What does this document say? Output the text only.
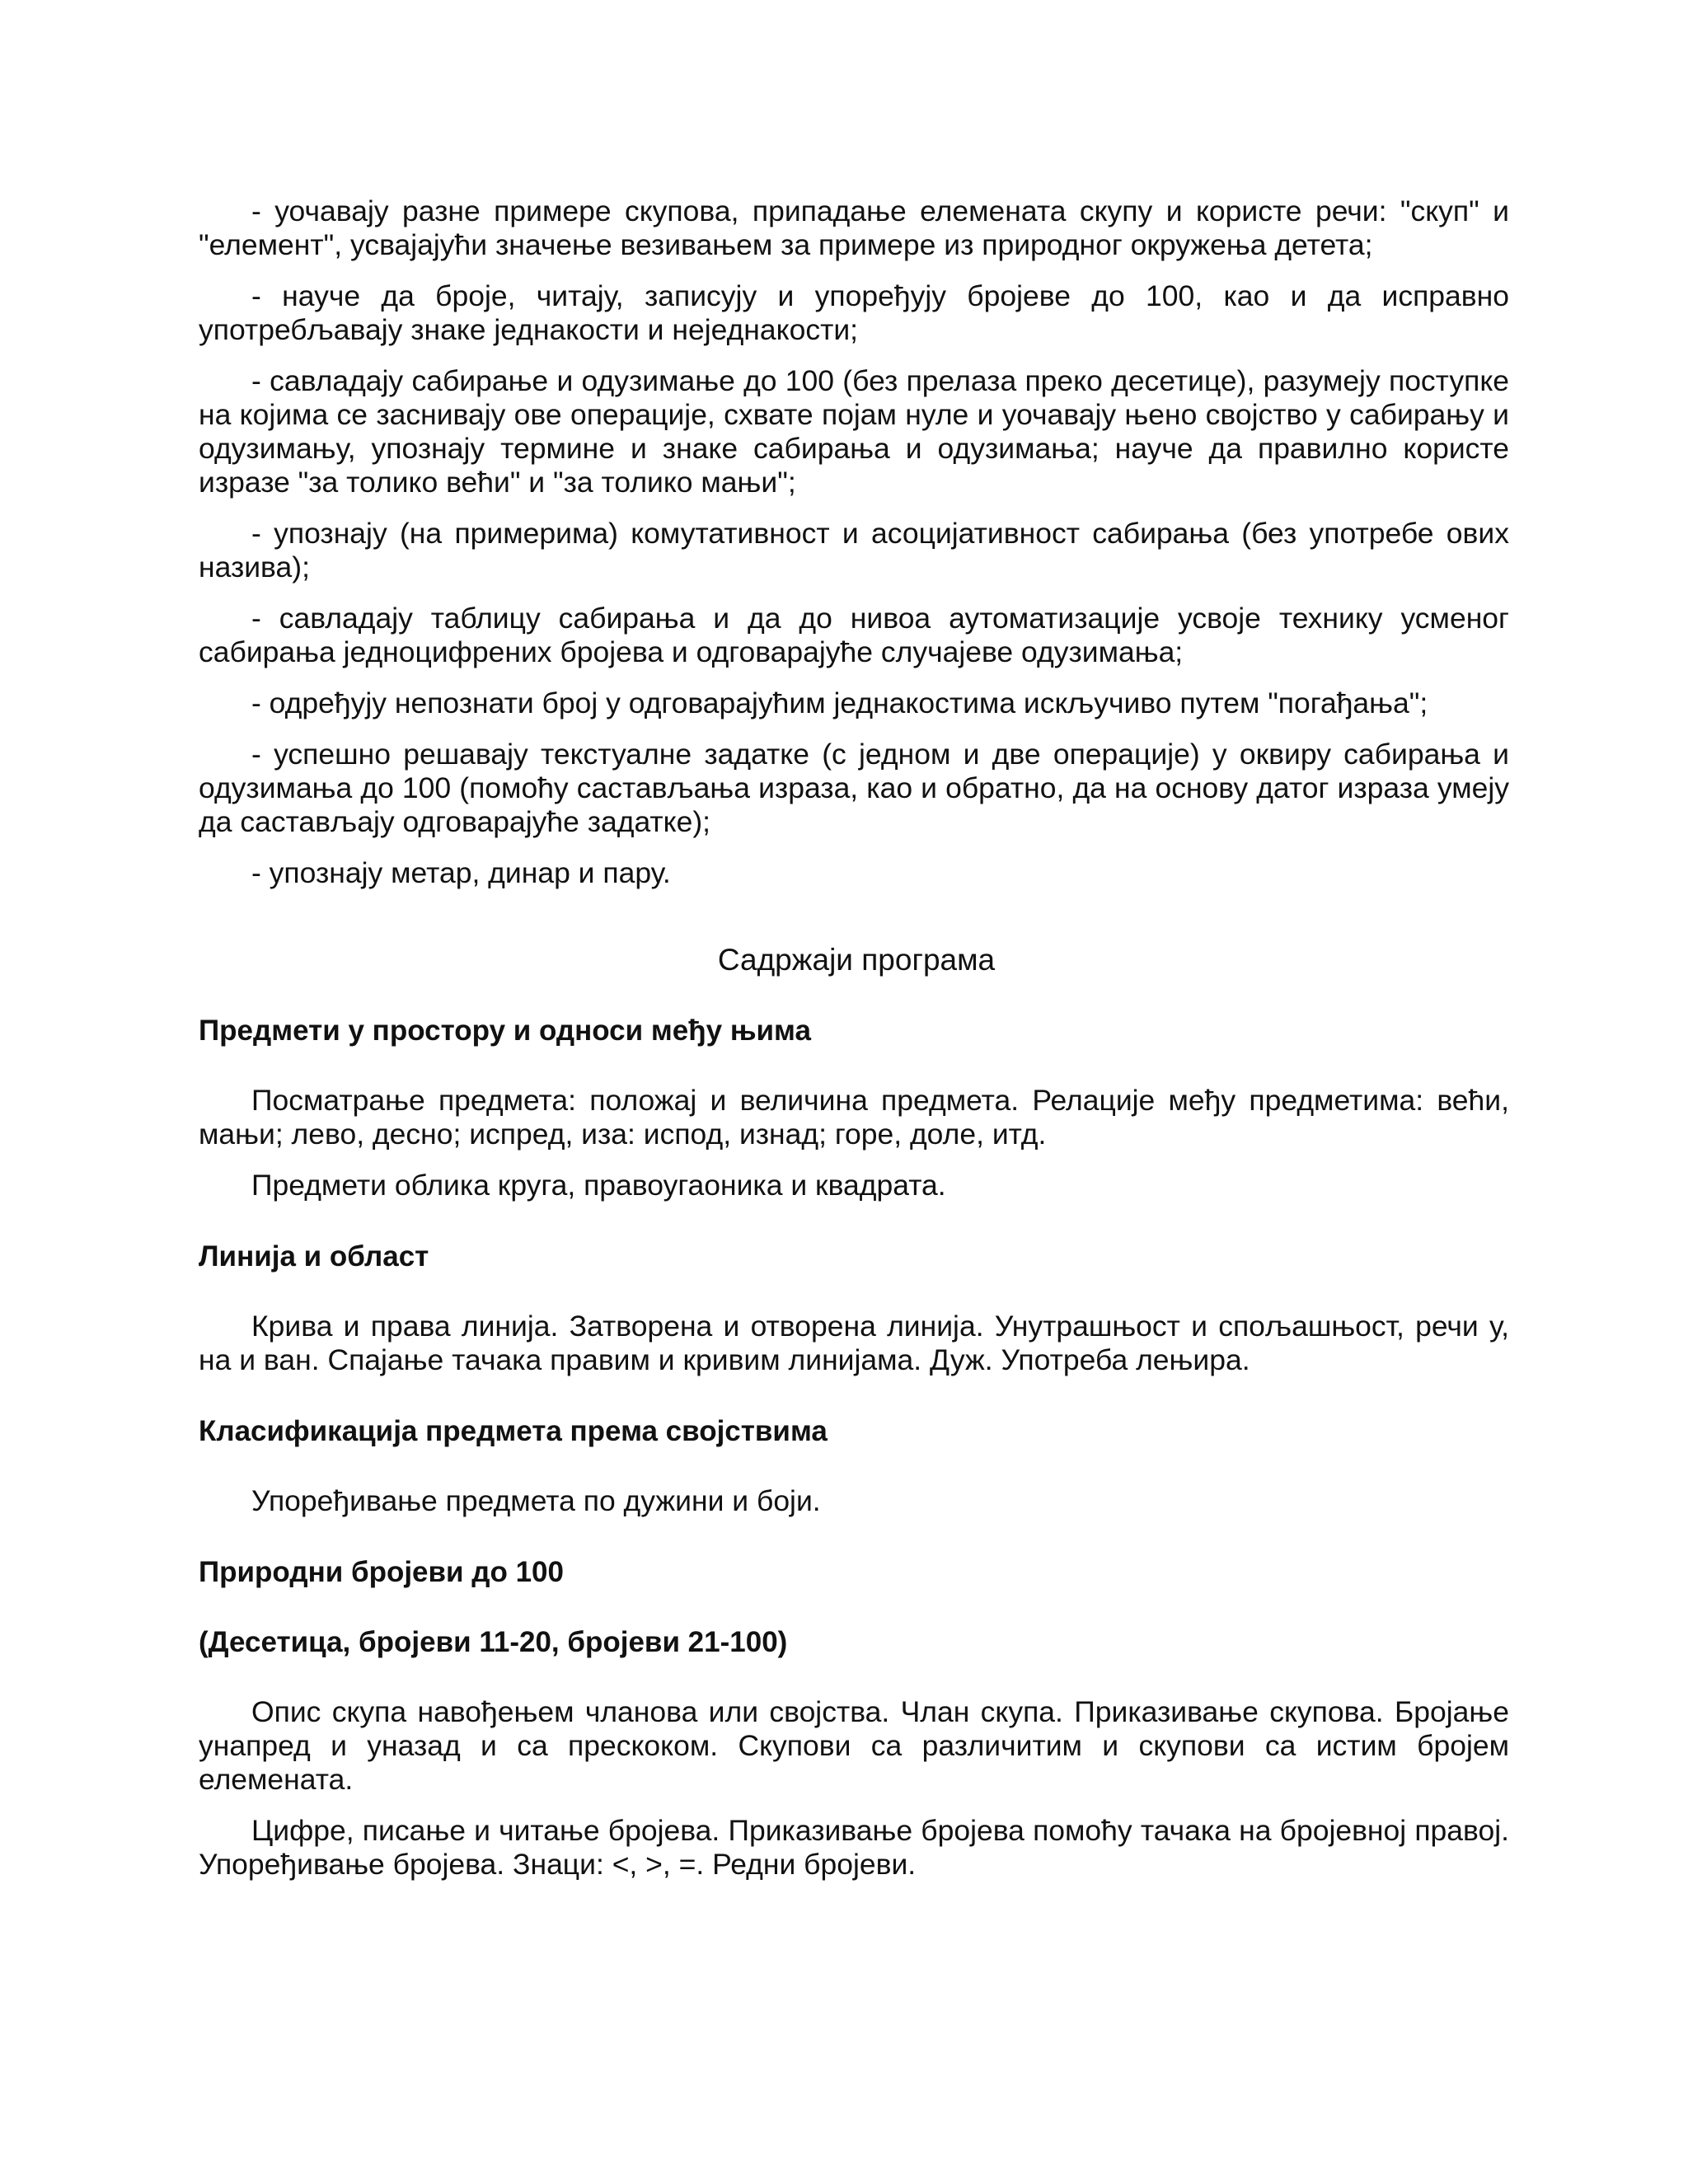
- уочавају разне примере скупова, припадање елемената скупу и користе речи: "скуп" и "елемент", усвајајући значење везивањем за примере из природног окружења детета;

- науче да броје, читају, записују и упоређују бројеве до 100, као и да исправно употребљавају знаке једнакости и неједнакости;

- савладају сабирање и одузимање до 100 (без прелаза преко десетице), разумеју поступке на којима се заснивају ове операције, схвате појам нуле и уочавају њено својство у сабирању и одузимању, упознају термине и знаке сабирања и одузимања; науче да правилно користе изразе "за толико већи" и "за толико мањи";

- упознају (на примерима) комутативност и асоцијативност сабирања (без употребе ових назива);

- савладају таблицу сабирања и да до нивоа аутоматизације усвоје технику усменог сабирања једноцифрених бројева и одговарајуће случајеве одузимања;

- одређују непознати број у одговарајућим једнакостима искључиво путем "погађања";

- успешно решавају текстуалне задатке (с једном и две операције) у оквиру сабирања и одузимања до 100 (помоћу састављања израза, као и обратно, да на основу датог израза умеју да састављају одговарајуће задатке);

- упознају метар, динар и пару.

Садржаји програма
Предмети у простору и односи међу њима

Посматрање предмета: положај и величина предмета. Релације међу предметима: већи, мањи; лево, десно; испред, иза: испод, изнад; горе, доле, итд.

Предмети облика круга, правоугаоника и квадрата.

Линија и област

Крива и права линија. Затворена и отворена линија. Унутрашњост и спољашњост, речи у, на и ван. Спајање тачака правим и кривим линијама. Дуж. Употреба лењира.

Класификација предмета према својствима

Упоређивање предмета по дужини и боји.

Природни бројеви до 100
(Десетица, бројеви 11-20, бројеви 21-100)

Опис скупа навођењем чланова или својства. Члан скупа. Приказивање скупова. Бројање унапред и уназад и са прескоком. Скупови са различитим и скупови са истим бројем елемената.

Цифре, писање и читање бројева. Приказивање бројева помоћу тачака на бројевној правој. Упоређивање бројева. Знаци: <, >, =. Редни бројеви.
